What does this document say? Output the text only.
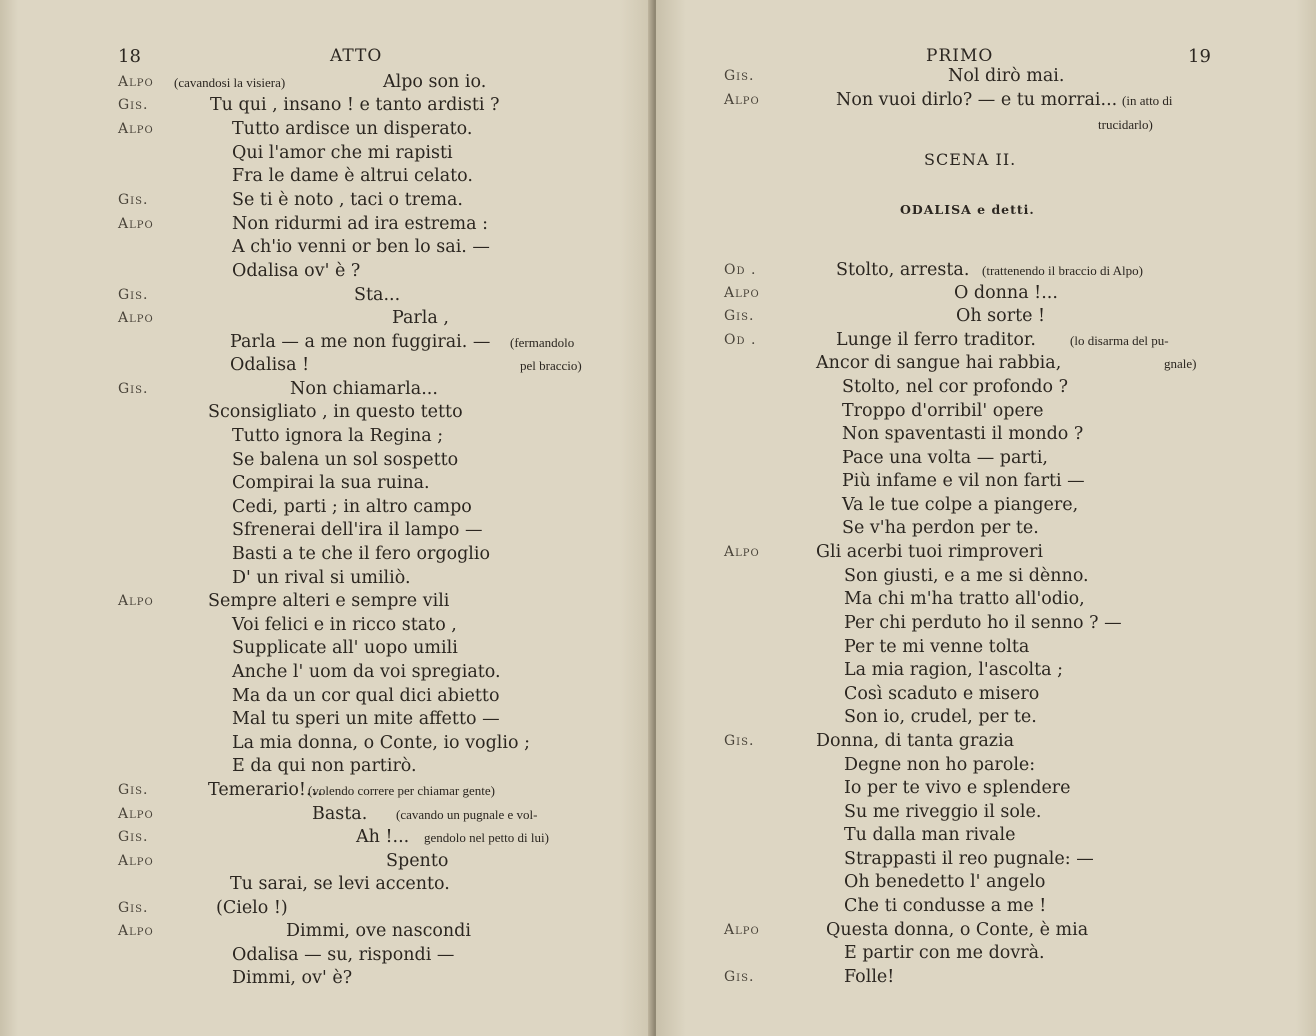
18	ATTO
Alpo	Alpo son io.
(cavandosi la visiera)
Gis.	Tu qui , insano ! e tanto ardisti ?
Alpo	Tutto ardisce un disperato.
Qui l'amor che mi rapisti
Fra le dame è altrui celato.
Gis.	Se ti è noto , taci o trema.
Alpo	Non ridurmi ad ira estrema :
A ch'io venni or ben lo sai. —
Odalisa ov' è ?
Gis.	Sta...
Alpo	Parla ,
Parla — a me non fuggirai. — (fermandolo
Odalisa !	pel braccio)
Gis.	Non chiamarla...
Sconsigliato , in questo tetto
Tutto ignora la Regina ;
Se balena un sol sospetto
Compirai la sua ruina.
Cedi, parti ; in altro campo
Sfrenerai dell'ira il lampo —
Basti a te che il fero orgoglio
D' un rival si umiliò.
Alpo	Sempre alteri e sempre vili
Voi felici e in ricco stato ,
Supplicate all' uopo umili
Anche l' uom da voi spregiato.
Ma da un cor qual dici abietto
Mal tu speri un mite affetto —
La mia donna, o Conte, io voglio ;
E da qui non partirò.
Gis.	Temerario!...
(volendo correre per chiamar gente)
Alpo	Basta. (cavando un pugnale e vol-
Gis.	Ah !... gendolo nel petto di lui)
Alpo	Spento
Tu sarai, se levi accento.
Gis.	(Cielo !)
Alpo	Dimmi, ove nascondi
Odalisa — su, rispondi —
Dimmi, ov' è?
PRIMO	19
SCENA II.
ODALISA e detti.
Gis.	Nol dirò mai.
Alpo	Non vuoi dirlo? — e tu morrai... (in atto di
trucidarlo)
Od .	Stolto, arresta. (trattenendo il braccio di Alpo)
Alpo	O donna !...
Gis.	Oh sorte !
Od .	Lunge il ferro traditor.	(lo disarma del pu-
Ancor di sangue hai rabbia,	gnale)
Stolto, nel cor profondo ?
Troppo d'orribil' opere
Non spaventasti il mondo ?
Pace una volta — parti,
Più infame e vil non farti —
Va le tue colpe a piangere,
Se v'ha perdon per te.
Alpo	Gli acerbi tuoi rimproveri
Son giusti, e a me si dènno.
Ma chi m'ha tratto all'odio,
Per chi perduto ho il senno ? —
Per te mi venne tolta
La mia ragion, l'ascolta ;
Così scaduto e misero
Son io, crudel, per te.
Gis.	Donna, di tanta grazia
Degne non ho parole:
Io per te vivo e splendere
Su me riveggio il sole.
Tu dalla man rivale
Strappasti il reo pugnale: —
Oh benedetto l' angelo
Che ti condusse a me !
Alpo	Questa donna, o Conte, è mia
E partir con me dovrà.
Gis.	Folle!
